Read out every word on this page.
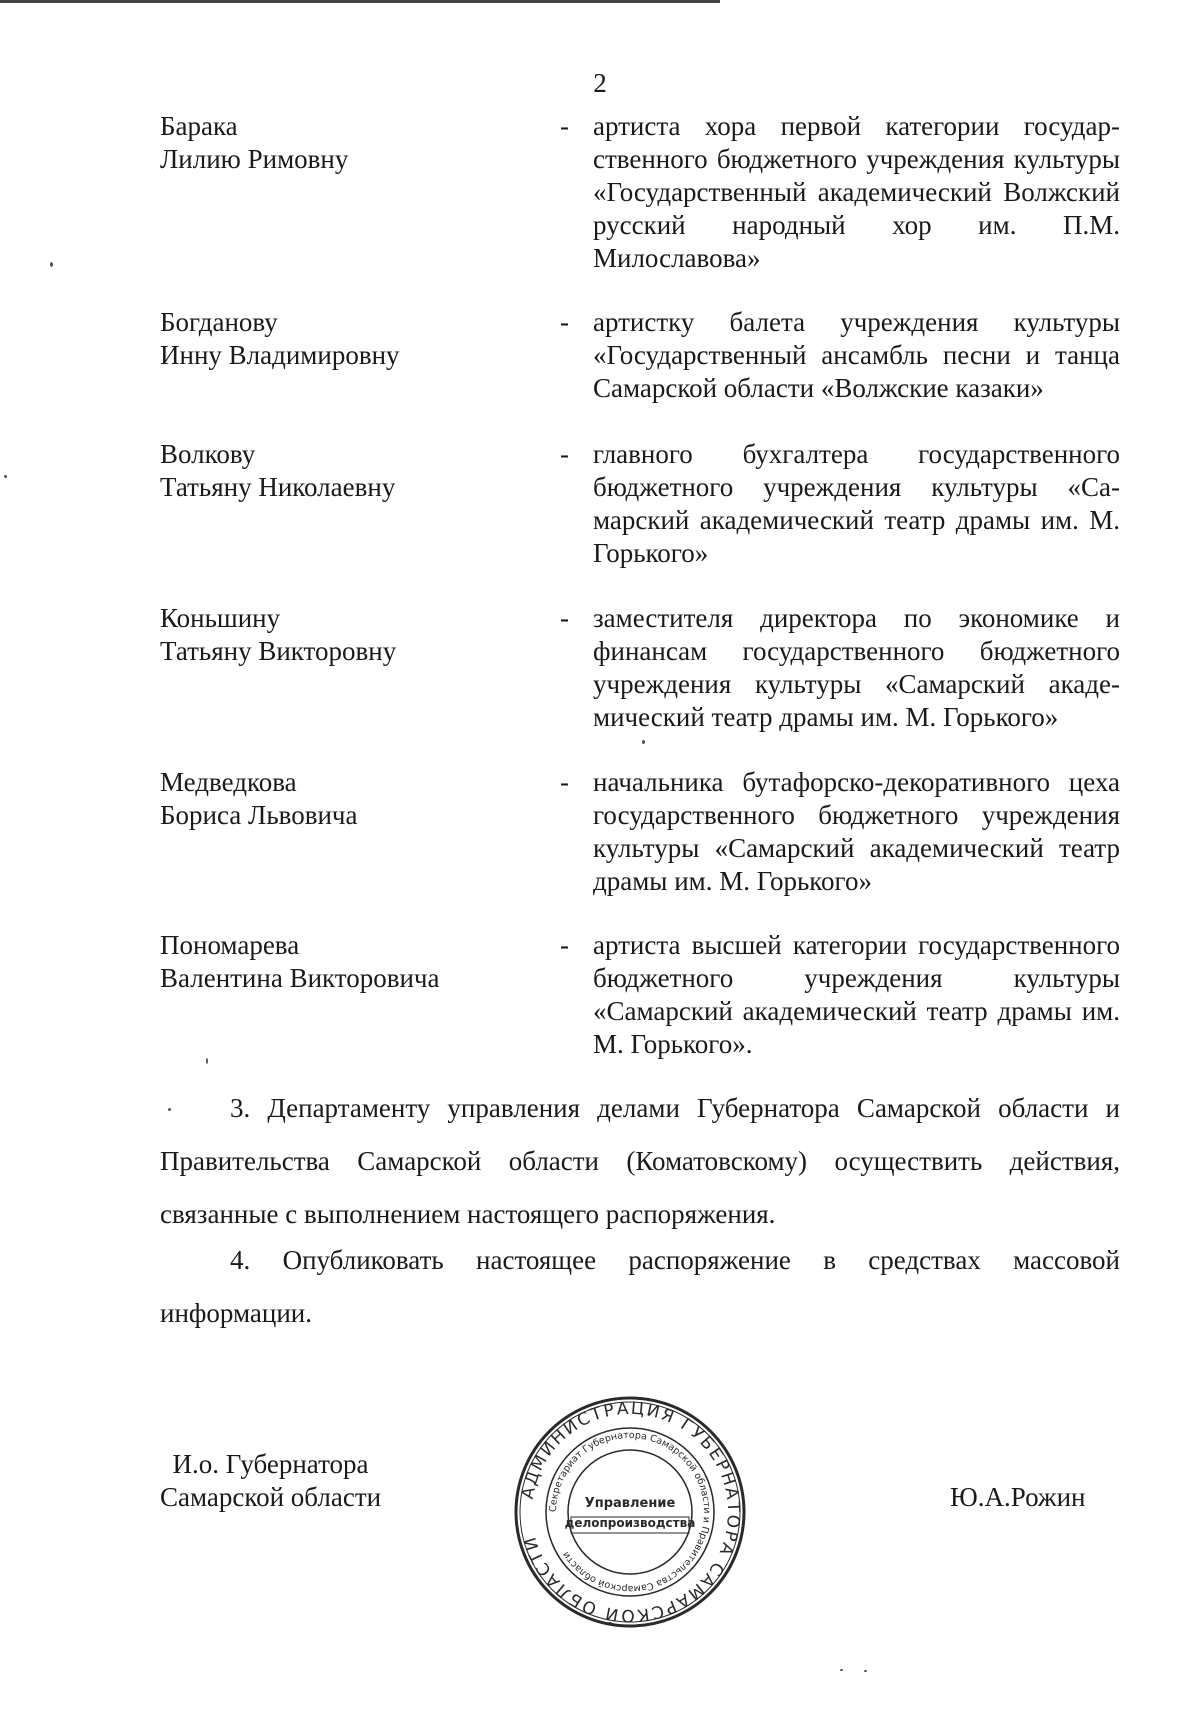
2
Барака
Лилию Римовну
- артиста хора первой категории государственного бюджетного учреждения культуры «Государственный академический Волжский русский народный хор им. П.М. Милославова»
Богданову
Инну Владимировну
- артистку балета учреждения культуры «Государственный ансамбль песни и танца Самарской области «Волжские казаки»
Волкову
Татьяну Николаевну
- главного бухгалтера государственного бюджетного учреждения культуры «Самарский академический театр драмы им. М. Горького»
Коньшину
Татьяну Викторовну
- заместителя директора по экономике и финансам государственного бюджетного учреждения культуры «Самарский академический театр драмы им. М. Горького»
Медведкова
Бориса Львовича
- начальника бутафорско-декоративного цеха государственного бюджетного учреждения культуры «Самарский академический театр драмы им. М. Горького»
Пономарева
Валентина Викторовича
- артиста высшей категории государственного бюджетного учреждения культуры «Самарский академический театр драмы им. М. Горького».
3. Департаменту управления делами Губернатора Самарской области и Правительства Самарской области (Коматовскому) осуществить действия, связанные с выполнением настоящего распоряжения.
4. Опубликовать настоящее распоряжение в средствах массовой информации.
И.о. Губернатора
Самарской области	АДМИНИСТРАЦИЯ ГУБЕРНАТОРА САМАРСКОЙ ОБЛАСТИ
Секретариат Губернатора Самарской области и Правительства Самарской области
Управление
делопроизводства
Ю.А.Рожин
